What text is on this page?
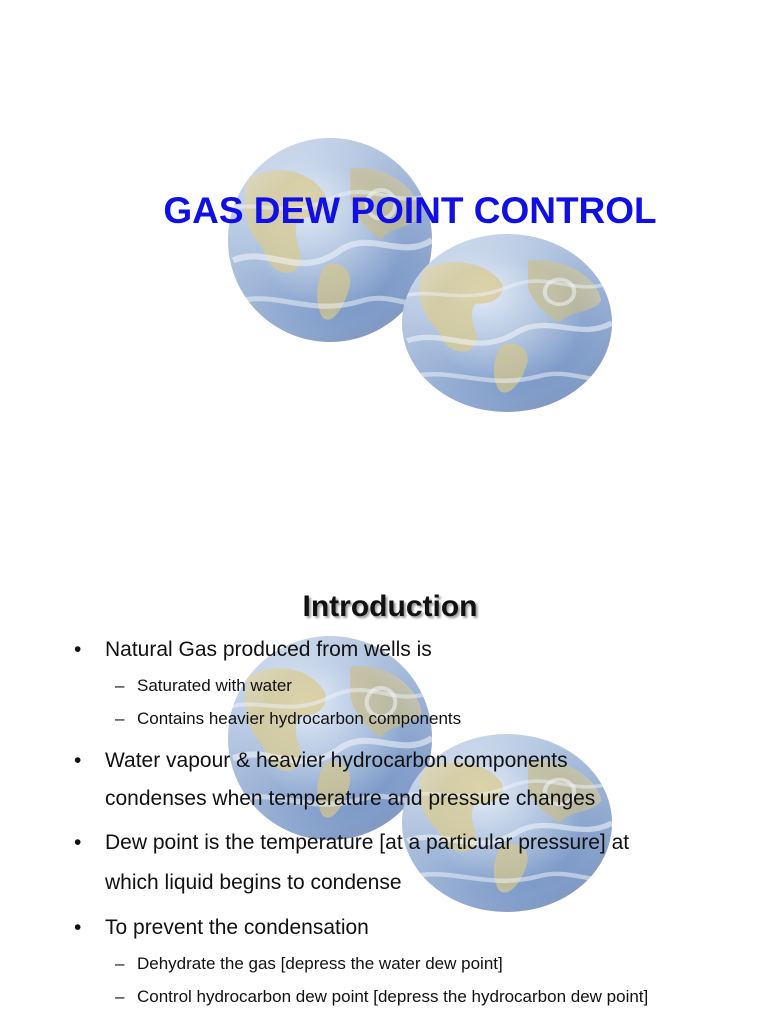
GAS DEW POINT CONTROL
Introduction
• Natural Gas produced from wells is
– Saturated with water
– Contains heavier hydrocarbon components
• Water vapour & heavier hydrocarbon components
condenses when temperature and pressure changes
• Dew point is the temperature [at a particular pressure] at
which liquid begins to condense
• To prevent the condensation
– Dehydrate the gas [depress the water dew point]
– Control hydrocarbon dew point [depress the hydrocarbon dew point]
